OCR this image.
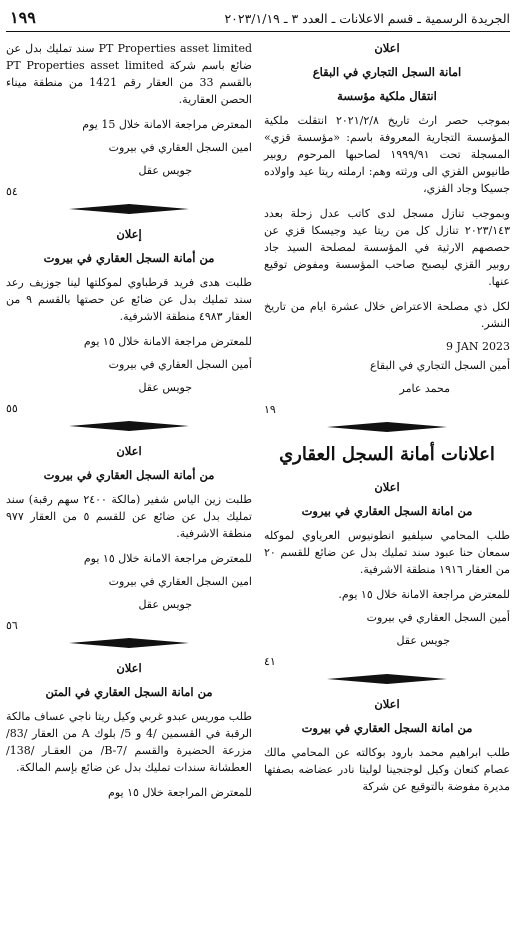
الجريدة الرسمية ـ قسم الاعلانات ـ العدد ٣ ـ ٢٠٢٣/١/١٩
١٩٩
اعلان
امانة السجل التجاري في البقاع
انتقال ملكية مؤسسة
بموجب حصر ارث تاريخ ٢٠٢١/٢/٨ انتقلت ملكية المؤسسة التجارية المعروفة باسم: «مؤسسة قزي» المسجلة تحت ١٩٩٩/٩١ لصاحبها المرحوم روبير طانيوس القزي الى ورثته وهم: ارملته ريتا عيد واولاده جسيكا وجاد القزي،
وبموجب تنازل مسجل لدى كاتب عدل زحلة بعدد ٢٠٢٣/١٤٣ تنازل كل من ريتا عيد وجيسكا قزي عن حصصهم الارثية في المؤسسة لمصلحة السيد جاد روبير القزي ليصبح صاحب المؤسسة ومفوض توقيع عنها.
لكل ذي مصلحة الاعتراض خلال عشرة ايام من تاريخ النشر.
9 JAN 2023
أمين السجل التجاري في البقاع
محمد عامر
١٩
اعلانات أمانة السجل العقاري
اعلان
من امانة السجل العقاري في بيروت
طلب المحامي سيلفيو انطونيوس العرياوي لموكله سمعان حنا عبود سند تمليك بدل عن ضائع للقسم ٢٠ من العقار ١٩١٦ منطقة الاشرفية.
للمعترض مراجعة الامانة خلال ١٥ يوم.
أمين السجل العقاري في بيروت
جويس عقل
٤١
اعلان
من امانة السجل العقاري في بيروت
طلب ابراهيم محمد بارود بوكالته عن المحامي مالك عصام كنعان وكيل لوجنجينا لوليتا نادر عضاضه بصفتها مديرة مفوضة بالتوقيع عن شركة
PT Properties asset limited سند تمليك بدل عن ضائع باسم شركة PT Properties asset limited بالقسم 33 من العقار رقم 1421 من منطقة ميناء الحصن العقارية.
المعترض مراجعة الامانة خلال 15 يوم
امين السجل العقاري في بيروت
جويس عقل
٥٤
إعلان
من أمانة السجل العقاري في بيروت
طلبت هدى فريد قرطباوي لموكلتها لينا جوزيف رعد سند تمليك بدل عن ضائع عن حصتها بالقسم ٩ من العقار ٤٩٨٣ منطقة الاشرفية.
للمعترض مراجعة الامانة خلال ١٥ يوم
أمين السجل العقاري في بيروت
جويس عقل
٥٥
اعلان
من أمانة السجل العقاري في بيروت
طلبت زين الياس شفير (مالكة ٢٤٠٠ سهم رقبة) سند تمليك بدل عن ضائع عن للقسم ٥ من العقار ٩٧٧ منطقة الاشرفية.
للمعترض مراجعة الامانة خلال ١٥ يوم
امين السجل العقاري في بيروت
جويس عقل
٥٦
اعلان
من امانة السجل العقاري في المتن
طلب موريس عبدو غربي وكيل ريتا ناجي عساف مالكة الرقبة في القسمين /4 و 5/ بلوك A من العقار /83/ مزرعة الحضيرة والقسم /7-B/ من العقـار /138/ العطشانة سندات تمليك بدل عن ضائع بإسم المالكة.
للمعترض المراجعة خلال ١٥ يوم
